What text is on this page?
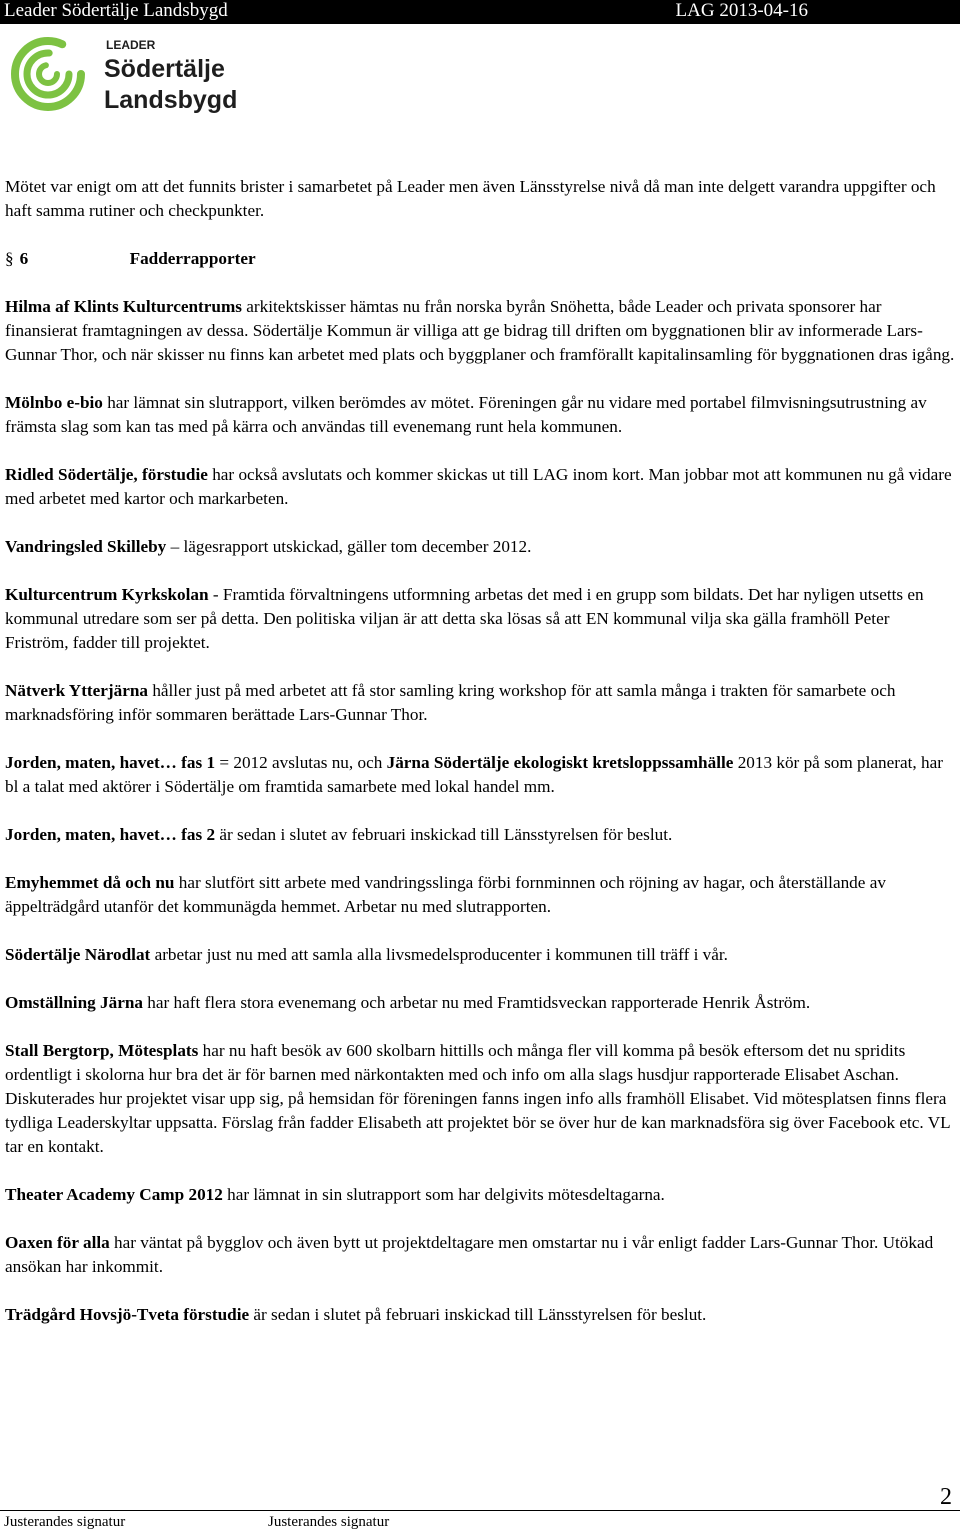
Leader Södertälje Landsbygd	LAG 2013-04-16
LEADER
Södertälje
Landsbygd

Mötet var enigt om att det funnits brister i samarbetet på Leader men även Länsstyrelse nivå då man inte delgett varandra uppgifter och haft samma rutiner och checkpunkter.

§ 6	Fadderrapporter

Hilma af Klints Kulturcentrums arkitektskisser hämtas nu från norska byrån Snöhetta, både Leader och privata sponsorer har finansierat framtagningen av dessa. Södertälje Kommun är villiga att ge bidrag till driften om byggnationen blir av informerade Lars-Gunnar Thor, och när skisser nu finns kan arbetet med plats och byggplaner och framförallt kapitalinsamling för byggnationen dras igång.

Mölnbo e-bio har lämnat sin slutrapport, vilken berömdes av mötet. Föreningen går nu vidare med portabel filmvisningsutrustning av främsta slag som kan tas med på kärra och användas till evenemang runt hela kommunen.

Ridled Södertälje, förstudie har också avslutats och kommer skickas ut till LAG inom kort. Man jobbar mot att kommunen nu gå vidare med arbetet med kartor och markarbeten.

Vandringsled Skilleby – lägesrapport utskickad, gäller tom december 2012.

Kulturcentrum Kyrkskolan - Framtida förvaltningens utformning arbetas det med i en grupp som bildats. Det har nyligen utsetts en kommunal utredare som ser på detta. Den politiska viljan är att detta ska lösas så att EN kommunal vilja ska gälla framhöll Peter Friström, fadder till projektet.

Nätverk Ytterjärna håller just på med arbetet att få stor samling kring workshop för att samla många i trakten för samarbete och marknadsföring inför sommaren berättade Lars-Gunnar Thor.

Jorden, maten, havet… fas 1 = 2012 avslutas nu, och Järna Södertälje ekologiskt kretsloppssamhälle 2013 kör på som planerat, har bl a talat med aktörer i Södertälje om framtida samarbete med lokal handel mm.

Jorden, maten, havet… fas 2 är sedan i slutet av februari inskickad till Länsstyrelsen för beslut.

Emyhemmet då och nu har slutfört sitt arbete med vandringsslinga förbi fornminnen och röjning av hagar, och återställande av äppelträdgård utanför det kommunägda hemmet. Arbetar nu med slutrapporten.

Södertälje Närodlat arbetar just nu med att samla alla livsmedelsproducenter i kommunen till träff i vår.

Omställning Järna har haft flera stora evenemang och arbetar nu med Framtidsveckan rapporterade Henrik Åström.

Stall Bergtorp, Mötesplats har nu haft besök av 600 skolbarn hittills och många fler vill komma på besök eftersom det nu spridits ordentligt i skolorna hur bra det är för barnen med närkontakten med och info om alla slags husdjur rapporterade Elisabet Aschan. Diskuterades hur projektet visar upp sig, på hemsidan för föreningen fanns ingen info alls framhöll Elisabet. Vid mötesplatsen finns flera tydliga Leaderskyltar uppsatta. Förslag från fadder Elisabeth att projektet bör se över hur de kan marknadsföra sig över Facebook etc. VL tar en kontakt.

Theater Academy Camp 2012 har lämnat in sin slutrapport som har delgivits mötesdeltagarna.

Oaxen för alla har väntat på bygglov och även bytt ut projektdeltagare men omstartar nu i vår enligt fadder Lars-Gunnar Thor. Utökad ansökan har inkommit.

Trädgård Hovsjö-Tveta förstudie är sedan i slutet på februari inskickad till Länsstyrelsen för beslut.

2
Justerandes signatur	Justerandes signatur
